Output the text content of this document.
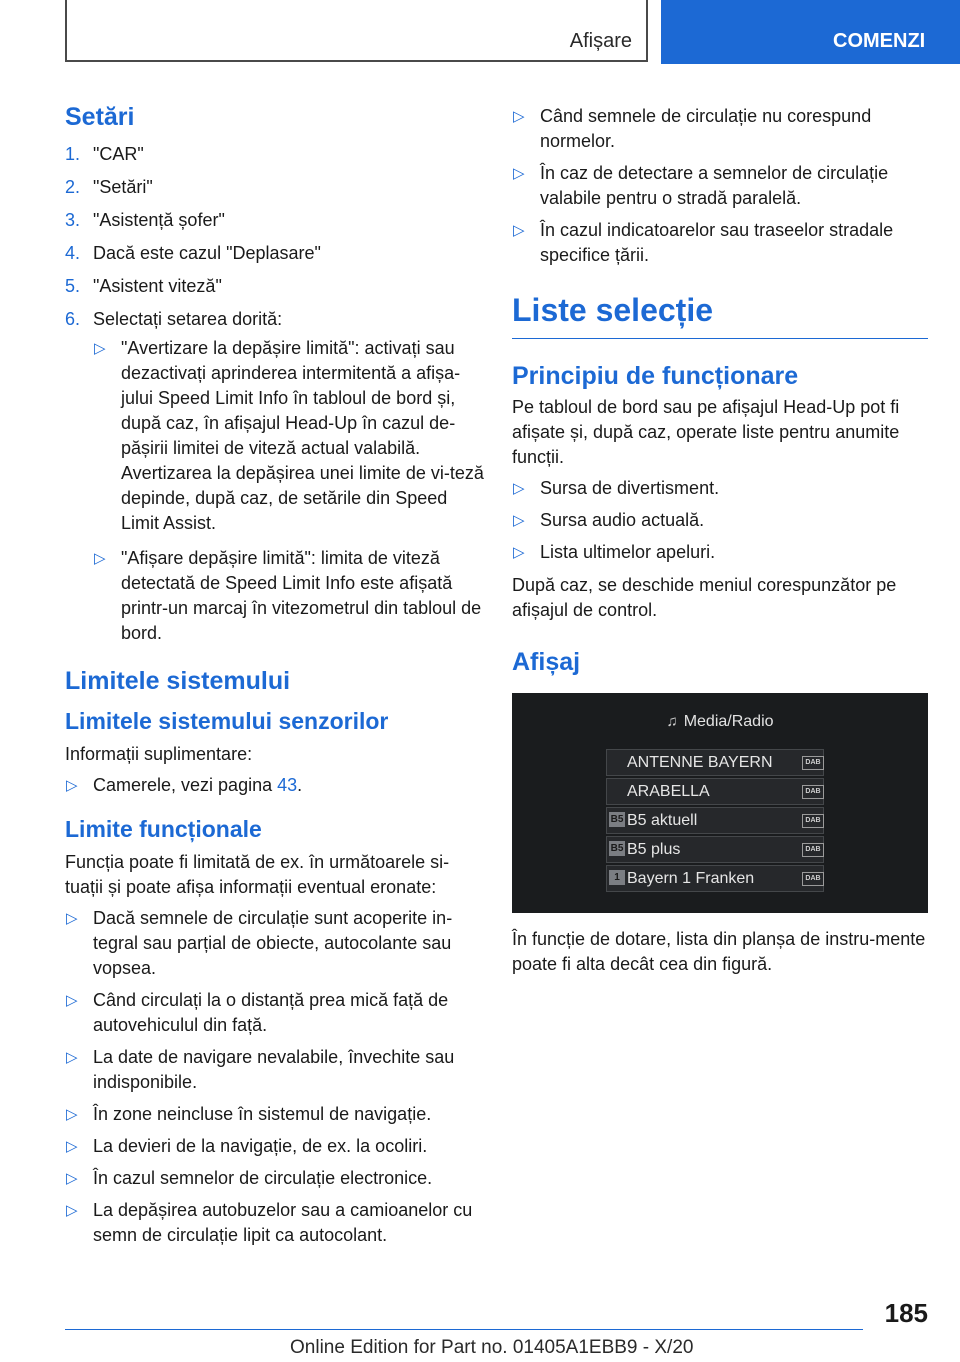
Afișare	COMENZI
Setări
1. "CAR"
2. "Setări"
3. "Asistență șofer"
4. Dacă este cazul "Deplasare"
5. "Asistent viteză"
6. Selectați setarea dorită:
▷ "Avertizare la depășire limită": activați sau dezactivați aprinderea intermitentă a afișa-jului Speed Limit Info în tabloul de bord și, după caz, în afișajul Head-Up în cazul de-pășirii limitei de viteză actual valabilă. Avertizarea la depășirea unei limite de vi-teză depinde, după caz, de setările din Speed Limit Assist.
▷ "Afișare depășire limită": limita de viteză detectată de Speed Limit Info este afișată printr-un marcaj în vitezometrul din tabloul de bord.
Limitele sistemului
Limitele sistemului senzorilor
Informații suplimentare:
▷ Camerele, vezi pagina 43.
Limite funcționale
Funcția poate fi limitată de ex. în următoarele si-tuații și poate afișa informații eventual eronate:
▷ Dacă semnele de circulație sunt acoperite in-tegral sau parțial de obiecte, autocolante sau vopsea.
▷ Când circulați la o distanță prea mică față de autovehiculul din față.
▷ La date de navigare nevalabile, învechite sau indisponibile.
▷ În zone neincluse în sistemul de navigație.
▷ La devieri de la navigație, de ex. la ocoliri.
▷ În cazul semnelor de circulație electronice.
▷ La depășirea autobuzelor sau a camioanelor cu semn de circulație lipit ca autocolant.
▷ Când semnele de circulație nu corespund normelor.
▷ În caz de detectare a semnelor de circulație valabile pentru o stradă paralelă.
▷ În cazul indicatoarelor sau traseelor stradale specifice țării.
Liste selecție
Principiu de funcționare
Pe tabloul de bord sau pe afișajul Head-Up pot fi afișate și, după caz, operate liste pentru anumite funcții.
▷ Sursa de divertisment.
▷ Sursa audio actuală.
▷ Lista ultimelor apeluri.
După caz, se deschide meniul corespunzător pe afișajul de control.
Afișaj
♫ Media/Radio
ANTENNE BAYERN	DAB
ARABELLA	DAB
B5 B5 aktuell	DAB
B5 B5 plus	DAB
1 Bayern 1 Franken	DAB
În funcție de dotare, lista din planșa de instru-mente poate fi alta decât cea din figură.
185
Online Edition for Part no. 01405A1EBB9 - X/20
